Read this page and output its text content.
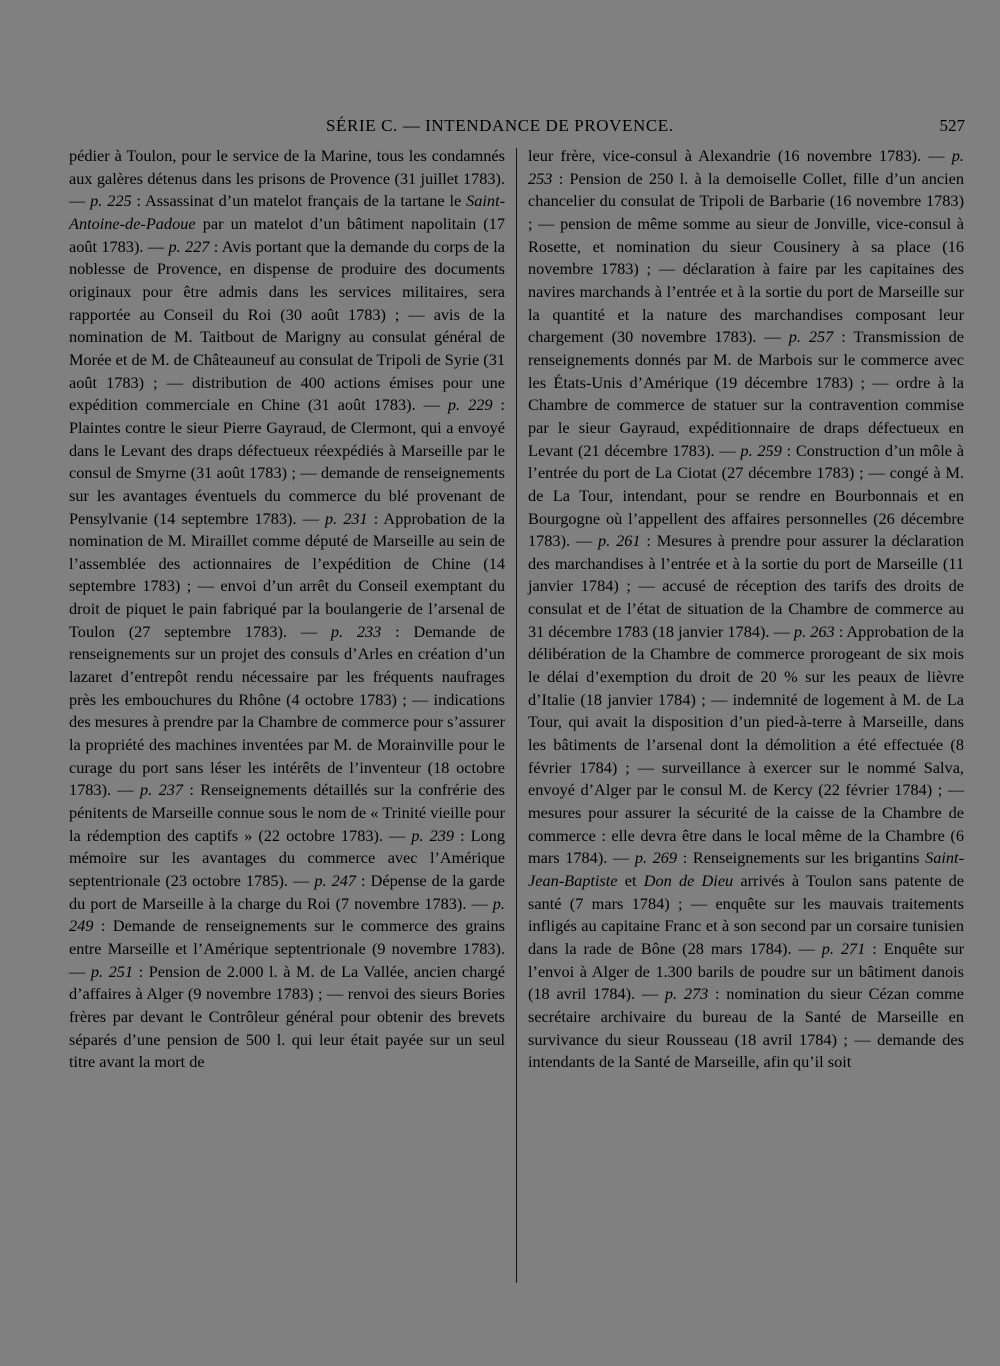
SÉRIE C. — INTENDANCE DE PROVENCE.	527

pédier à Toulon, pour le service de la Marine, tous les condamnés aux galères détenus dans les prisons de Provence (31 juillet 1783). — p. 225 : Assassinat d’un matelot français de la tartane le Saint-Antoine-de-Padoue par un matelot d’un bâtiment napolitain (17 août 1783). — p. 227 : Avis portant que la demande du corps de la noblesse de Provence, en dispense de produire des documents originaux pour être admis dans les services militaires, sera rapportée au Conseil du Roi (30 août 1783) ; — avis de la nomination de M. Taitbout de Marigny au consulat général de Morée et de M. de Châteauneuf au consulat de Tripoli de Syrie (31 août 1783) ; — distribution de 400 actions émises pour une expédition commerciale en Chine (31 août 1783). — p. 229 : Plaintes contre le sieur Pierre Gayraud, de Clermont, qui a envoyé dans le Levant des draps défectueux réexpédiés à Marseille par le consul de Smyrne (31 août 1783) ; — demande de renseignements sur les avantages éventuels du commerce du blé provenant de Pensylvanie (14 septembre 1783). — p. 231 : Approbation de la nomination de M. Miraillet comme député de Marseille au sein de l’assemblée des actionnaires de l’expédition de Chine (14 septembre 1783) ; — envoi d’un arrêt du Conseil exemptant du droit de piquet le pain fabriqué par la boulangerie de l’arsenal de Toulon (27 septembre 1783). — p. 233 : Demande de renseignements sur un projet des consuls d’Arles en création d’un lazaret d’entrepôt rendu nécessaire par les fréquents naufrages près les embouchures du Rhône (4 octobre 1783) ; — indications des mesures à prendre par la Chambre de commerce pour s’assurer la propriété des machines inventées par M. de Morainville pour le curage du port sans léser les intérêts de l’inventeur (18 octobre 1783). — p. 237 : Renseignements détaillés sur la confrérie des pénitents de Marseille connue sous le nom de « Trinité vieille pour la rédemption des captifs » (22 octobre 1783). — p. 239 : Long mémoire sur les avantages du commerce avec l’Amérique septentrionale (23 octobre 1785). — p. 247 : Dépense de la garde du port de Marseille à la charge du Roi (7 novembre 1783). — p. 249 : Demande de renseignements sur le commerce des grains entre Marseille et l’Amérique septentrionale (9 novembre 1783). — p. 251 : Pension de 2.000 l. à M. de La Vallée, ancien chargé d’affaires à Alger (9 novembre 1783) ; — renvoi des sieurs Bories frères par devant le Contrôleur général pour obtenir des brevets séparés d’une pension de 500 l. qui leur était payée sur un seul titre avant la mort de

leur frère, vice-consul à Alexandrie (16 novembre 1783). — p. 253 : Pension de 250 l. à la demoiselle Collet, fille d’un ancien chancelier du consulat de Tripoli de Barbarie (16 novembre 1783) ; — pension de même somme au sieur de Jonville, vice-consul à Rosette, et nomination du sieur Cousinery à sa place (16 novembre 1783) ; — déclaration à faire par les capitaines des navires marchands à l’entrée et à la sortie du port de Marseille sur la quantité et la nature des marchandises composant leur chargement (30 novembre 1783). — p. 257 : Transmission de renseignements donnés par M. de Marbois sur le commerce avec les États-Unis d’Amérique (19 décembre 1783) ; — ordre à la Chambre de commerce de statuer sur la contravention commise par le sieur Gayraud, expéditionnaire de draps défectueux en Levant (21 décembre 1783). — p. 259 : Construction d’un môle à l’entrée du port de La Ciotat (27 décembre 1783) ; — congé à M. de La Tour, intendant, pour se rendre en Bourbonnais et en Bourgogne où l’appellent des affaires personnelles (26 décembre 1783). — p. 261 : Mesures à prendre pour assurer la déclaration des marchandises à l’entrée et à la sortie du port de Marseille (11 janvier 1784) ; — accusé de réception des tarifs des droits de consulat et de l’état de situation de la Chambre de commerce au 31 décembre 1783 (18 janvier 1784). — p. 263 : Approbation de la délibération de la Chambre de commerce prorogeant de six mois le délai d’exemption du droit de 20 % sur les peaux de lièvre d’Italie (18 janvier 1784) ; — indemnité de logement à M. de La Tour, qui avait la disposition d’un pied-à-terre à Marseille, dans les bâtiments de l’arsenal dont la démolition a été effectuée (8 février 1784) ; — surveillance à exercer sur le nommé Salva, envoyé d’Alger par le consul M. de Kercy (22 février 1784) ; — mesures pour assurer la sécurité de la caisse de la Chambre de commerce : elle devra être dans le local même de la Chambre (6 mars 1784). — p. 269 : Renseignements sur les brigantins Saint-Jean-Baptiste et Don de Dieu arrivés à Toulon sans patente de santé (7 mars 1784) ; — enquête sur les mauvais traitements infligés au capitaine Franc et à son second par un corsaire tunisien dans la rade de Bône (28 mars 1784). — p. 271 : Enquête sur l’envoi à Alger de 1.300 barils de poudre sur un bâtiment danois (18 avril 1784). — p. 273 : nomination du sieur Cézan comme secrétaire archivaire du bureau de la Santé de Marseille en survivance du sieur Rousseau (18 avril 1784) ; — demande des intendants de la Santé de Marseille, afin qu’il soit
